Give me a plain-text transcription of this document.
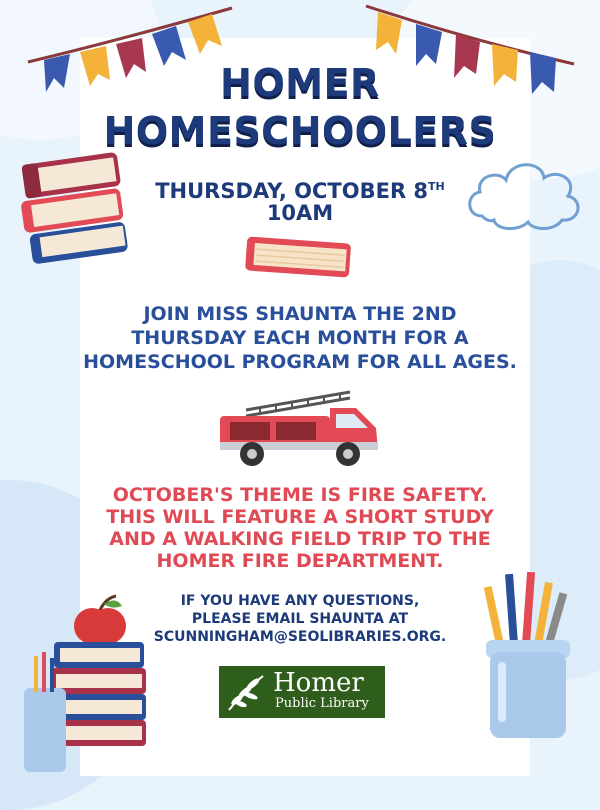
HOMER
HOMESCHOOLERS
THURSDAY, OCTOBER 8TH
10AM
JOIN MISS SHAUNTA THE 2ND
THURSDAY EACH MONTH FOR A
HOMESCHOOL PROGRAM FOR ALL AGES.
OCTOBER'S THEME IS FIRE SAFETY.
THIS WILL FEATURE A SHORT STUDY
AND A WALKING FIELD TRIP TO THE
HOMER FIRE DEPARTMENT.
IF YOU HAVE ANY QUESTIONS,
PLEASE EMAIL SHAUNTA AT
SCUNNINGHAM@SEOLIBRARIES.ORG.
Homer
Public Library
